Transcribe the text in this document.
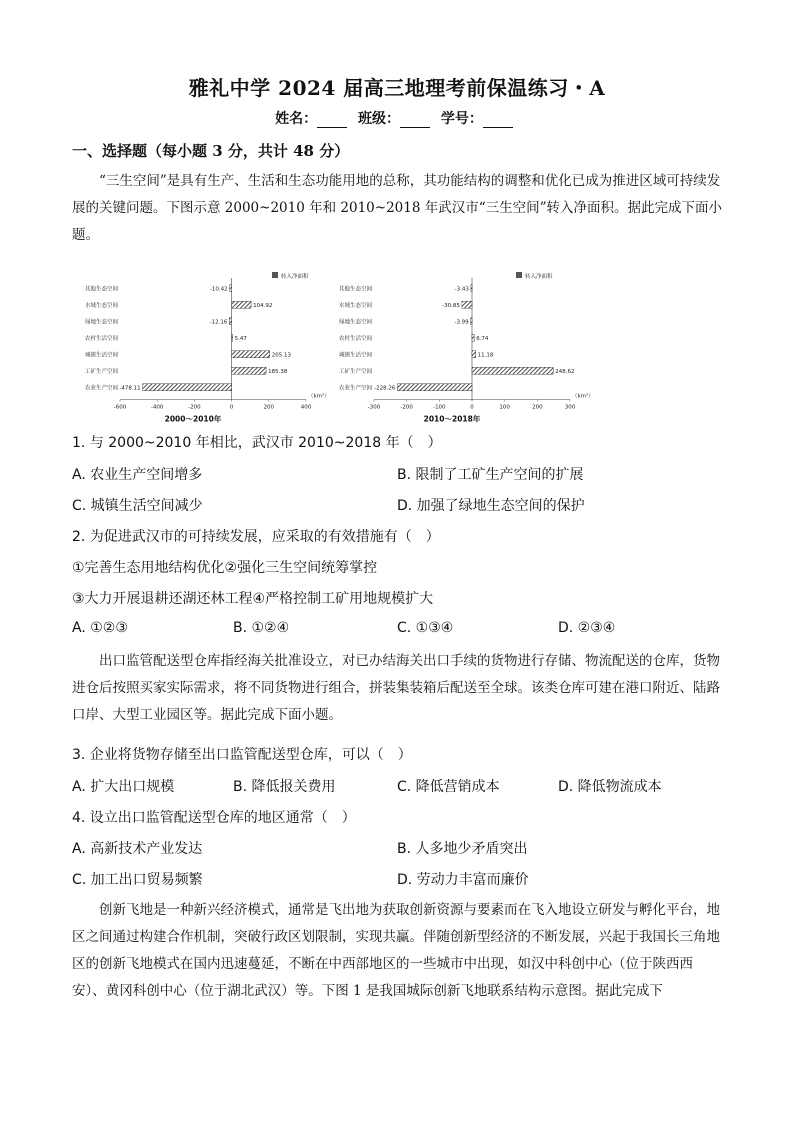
雅礼中学 2024 届高三地理考前保温练习・A
姓名：	班级：	学号：
一、选择题（每小题 3 分，共计 48 分）
“三生空间”是具有生产、生活和生态功能用地的总称，其功能结构的调整和优化已成为推进区域可持续发展的关键问题。下图示意 2000~2010 年和 2010~2018 年武汉市“三生空间”转入净面积。据此完成下面小题。
转入净面积
其他生态空间	-10.42
水域生态空间	104.92
绿地生态空间	-12.16
农村生活空间	5.47
城镇生活空间	205.13
工矿生产空间	185.38
农业生产空间 -478.11
-600	-400	-200	0	200	400
（km²）
2000～2010年
转入净面积
其他生态空间	-3.43
水域生态空间	-30.85
绿地生态空间	-3.99
农村生活空间	6.74
城镇生活空间	11.18
工矿生产空间	248.62
农业生产空间 -228.26
-300	-200	-100	0	100	200	300
（km²）
2010～2018年
1. 与 2000~2010 年相比，武汉市 2010~2018 年（　）
A. 农业生产空间增多	B. 限制了工矿生产空间的扩展
C. 城镇生活空间减少	D. 加强了绿地生态空间的保护
2. 为促进武汉市的可持续发展，应采取的有效措施有（　）
①完善生态用地结构优化②强化三生空间统筹掌控
③大力开展退耕还湖还林工程④严格控制工矿用地规模扩大
A. ①②③	B. ①②④	C. ①③④	D. ②③④
出口监管配送型仓库指经海关批准设立，对已办结海关出口手续的货物进行存储、物流配送的仓库，货物进仓后按照买家实际需求，将不同货物进行组合，拼装集装箱后配送至全球。该类仓库可建在港口附近、陆路口岸、大型工业园区等。据此完成下面小题。
3. 企业将货物存储至出口监管配送型仓库，可以（　）
A. 扩大出口规模	B. 降低报关费用	C. 降低营销成本	D. 降低物流成本
4. 设立出口监管配送型仓库的地区通常（　）
A. 高新技术产业发达	B. 人多地少矛盾突出
C. 加工出口贸易频繁	D. 劳动力丰富而廉价
创新飞地是一种新兴经济模式，通常是飞出地为获取创新资源与要素而在飞入地设立研发与孵化平台，地区之间通过构建合作机制，突破行政区划限制，实现共赢。伴随创新型经济的不断发展，兴起于我国长三角地区的创新飞地模式在国内迅速蔓延，不断在中西部地区的一些城市中出现，如汉中科创中心（位于陕西西安）、黄冈科创中心（位于湖北武汉）等。下图 1 是我国城际创新飞地联系结构示意图。据此完成下
